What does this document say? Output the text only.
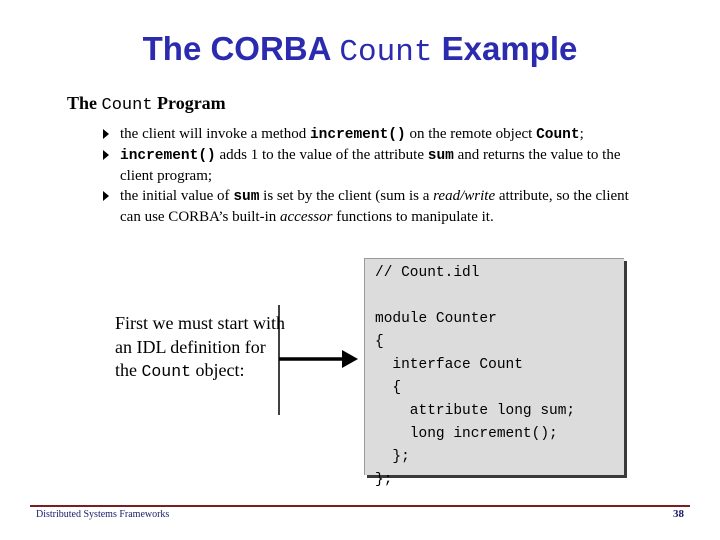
The CORBA Count Example
The Count Program
the client will invoke a method increment() on the remote object Count;
increment() adds 1 to the value of the attribute sum and returns the value to the client program;
the initial value of sum is set by the client (sum is a read/write attribute, so the client can use CORBA’s built-in accessor functions to manipulate it.
First we must start with an IDL definition for the Count object:
// Count.idl

module Counter
{
interface Count
{
attribute long sum;
long increment();
};
};
Distributed Systems Frameworks	38
